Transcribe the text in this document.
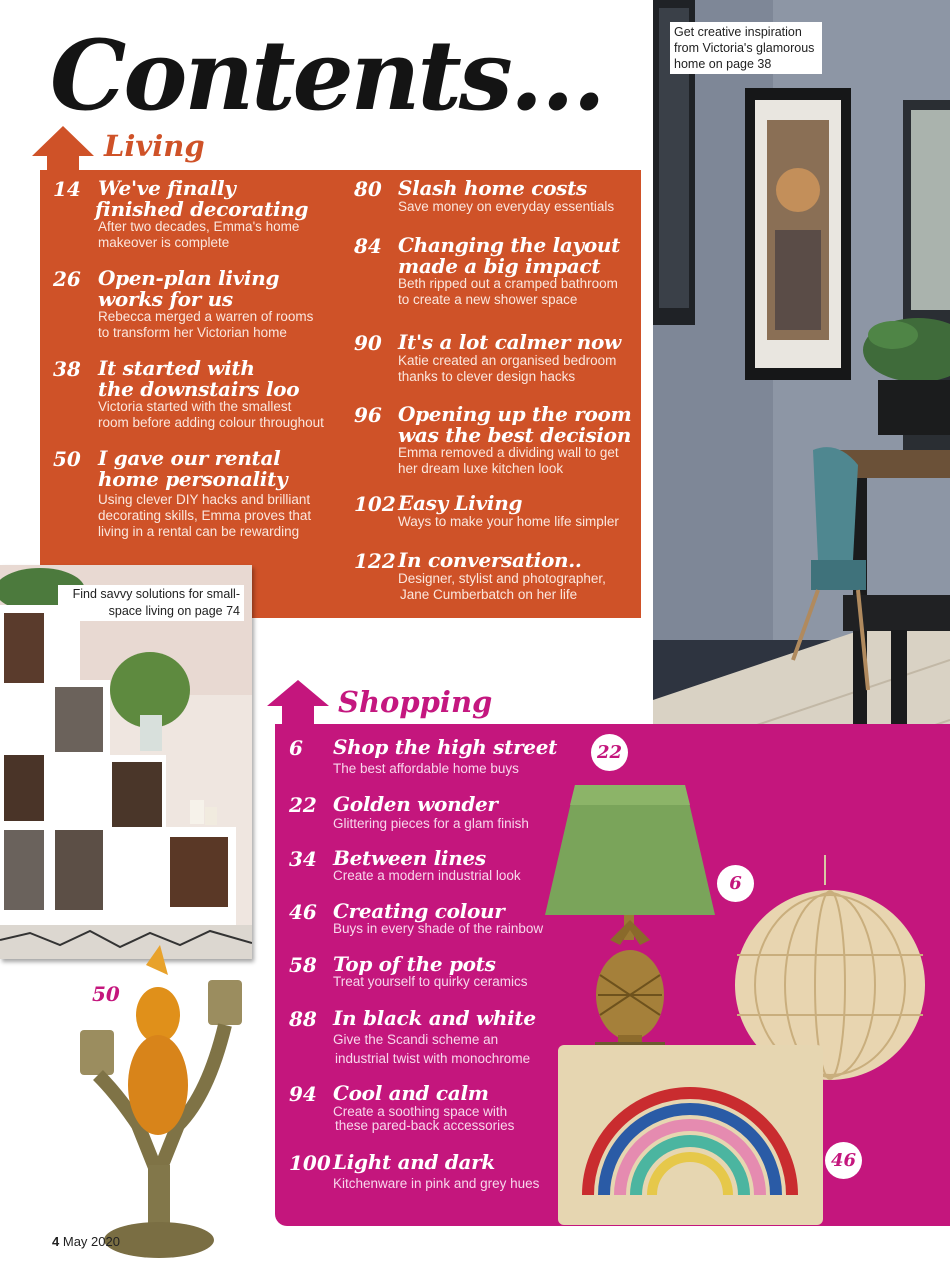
Contents…	Get creative inspiration from Victoria's glamorous home on page 38
Living
14 We've finally
finished decorating
After two decades, Emma's home
makeover is complete
26 Open-plan living
works for us
Rebecca merged a warren of rooms
to transform her Victorian home
38 It started with
the downstairs loo
Victoria started with the smallest
room before adding colour throughout
50 I gave our rental
home personality
Using clever DIY hacks and brilliant
decorating skills, Emma proves that
living in a rental can be rewarding
80 Slash home costs
Save money on everyday essentials
84 Changing the layout
made a big impact
Beth ripped out a cramped bathroom
to create a new shower space
90 It's a lot calmer now
Katie created an organised bedroom
thanks to clever design hacks
96 Opening up the room
was the best decision
Emma removed a dividing wall to get
her dream luxe kitchen look
102 Easy Living
Ways to make your home life simpler
122 In conversation..
Designer, stylist and photographer,
Jane Cumberbatch on her life
Find savvy solutions for small-space living on page 74
Shopping
50
6 Shop the high street
The best affordable home buys
22 Golden wonder
Glittering pieces for a glam finish
34 Between lines
Create a modern industrial look
46 Creating colour
Buys in every shade of the rainbow
58 Top of the pots
Treat yourself to quirky ceramics
88 In black and white
Give the Scandi scheme an
industrial twist with monochrome
94 Cool and calm
Create a soothing space with
these pared-back accessories
100 Light and dark
Kitchenware in pink and grey hues
22
6
46
4 May 2020
